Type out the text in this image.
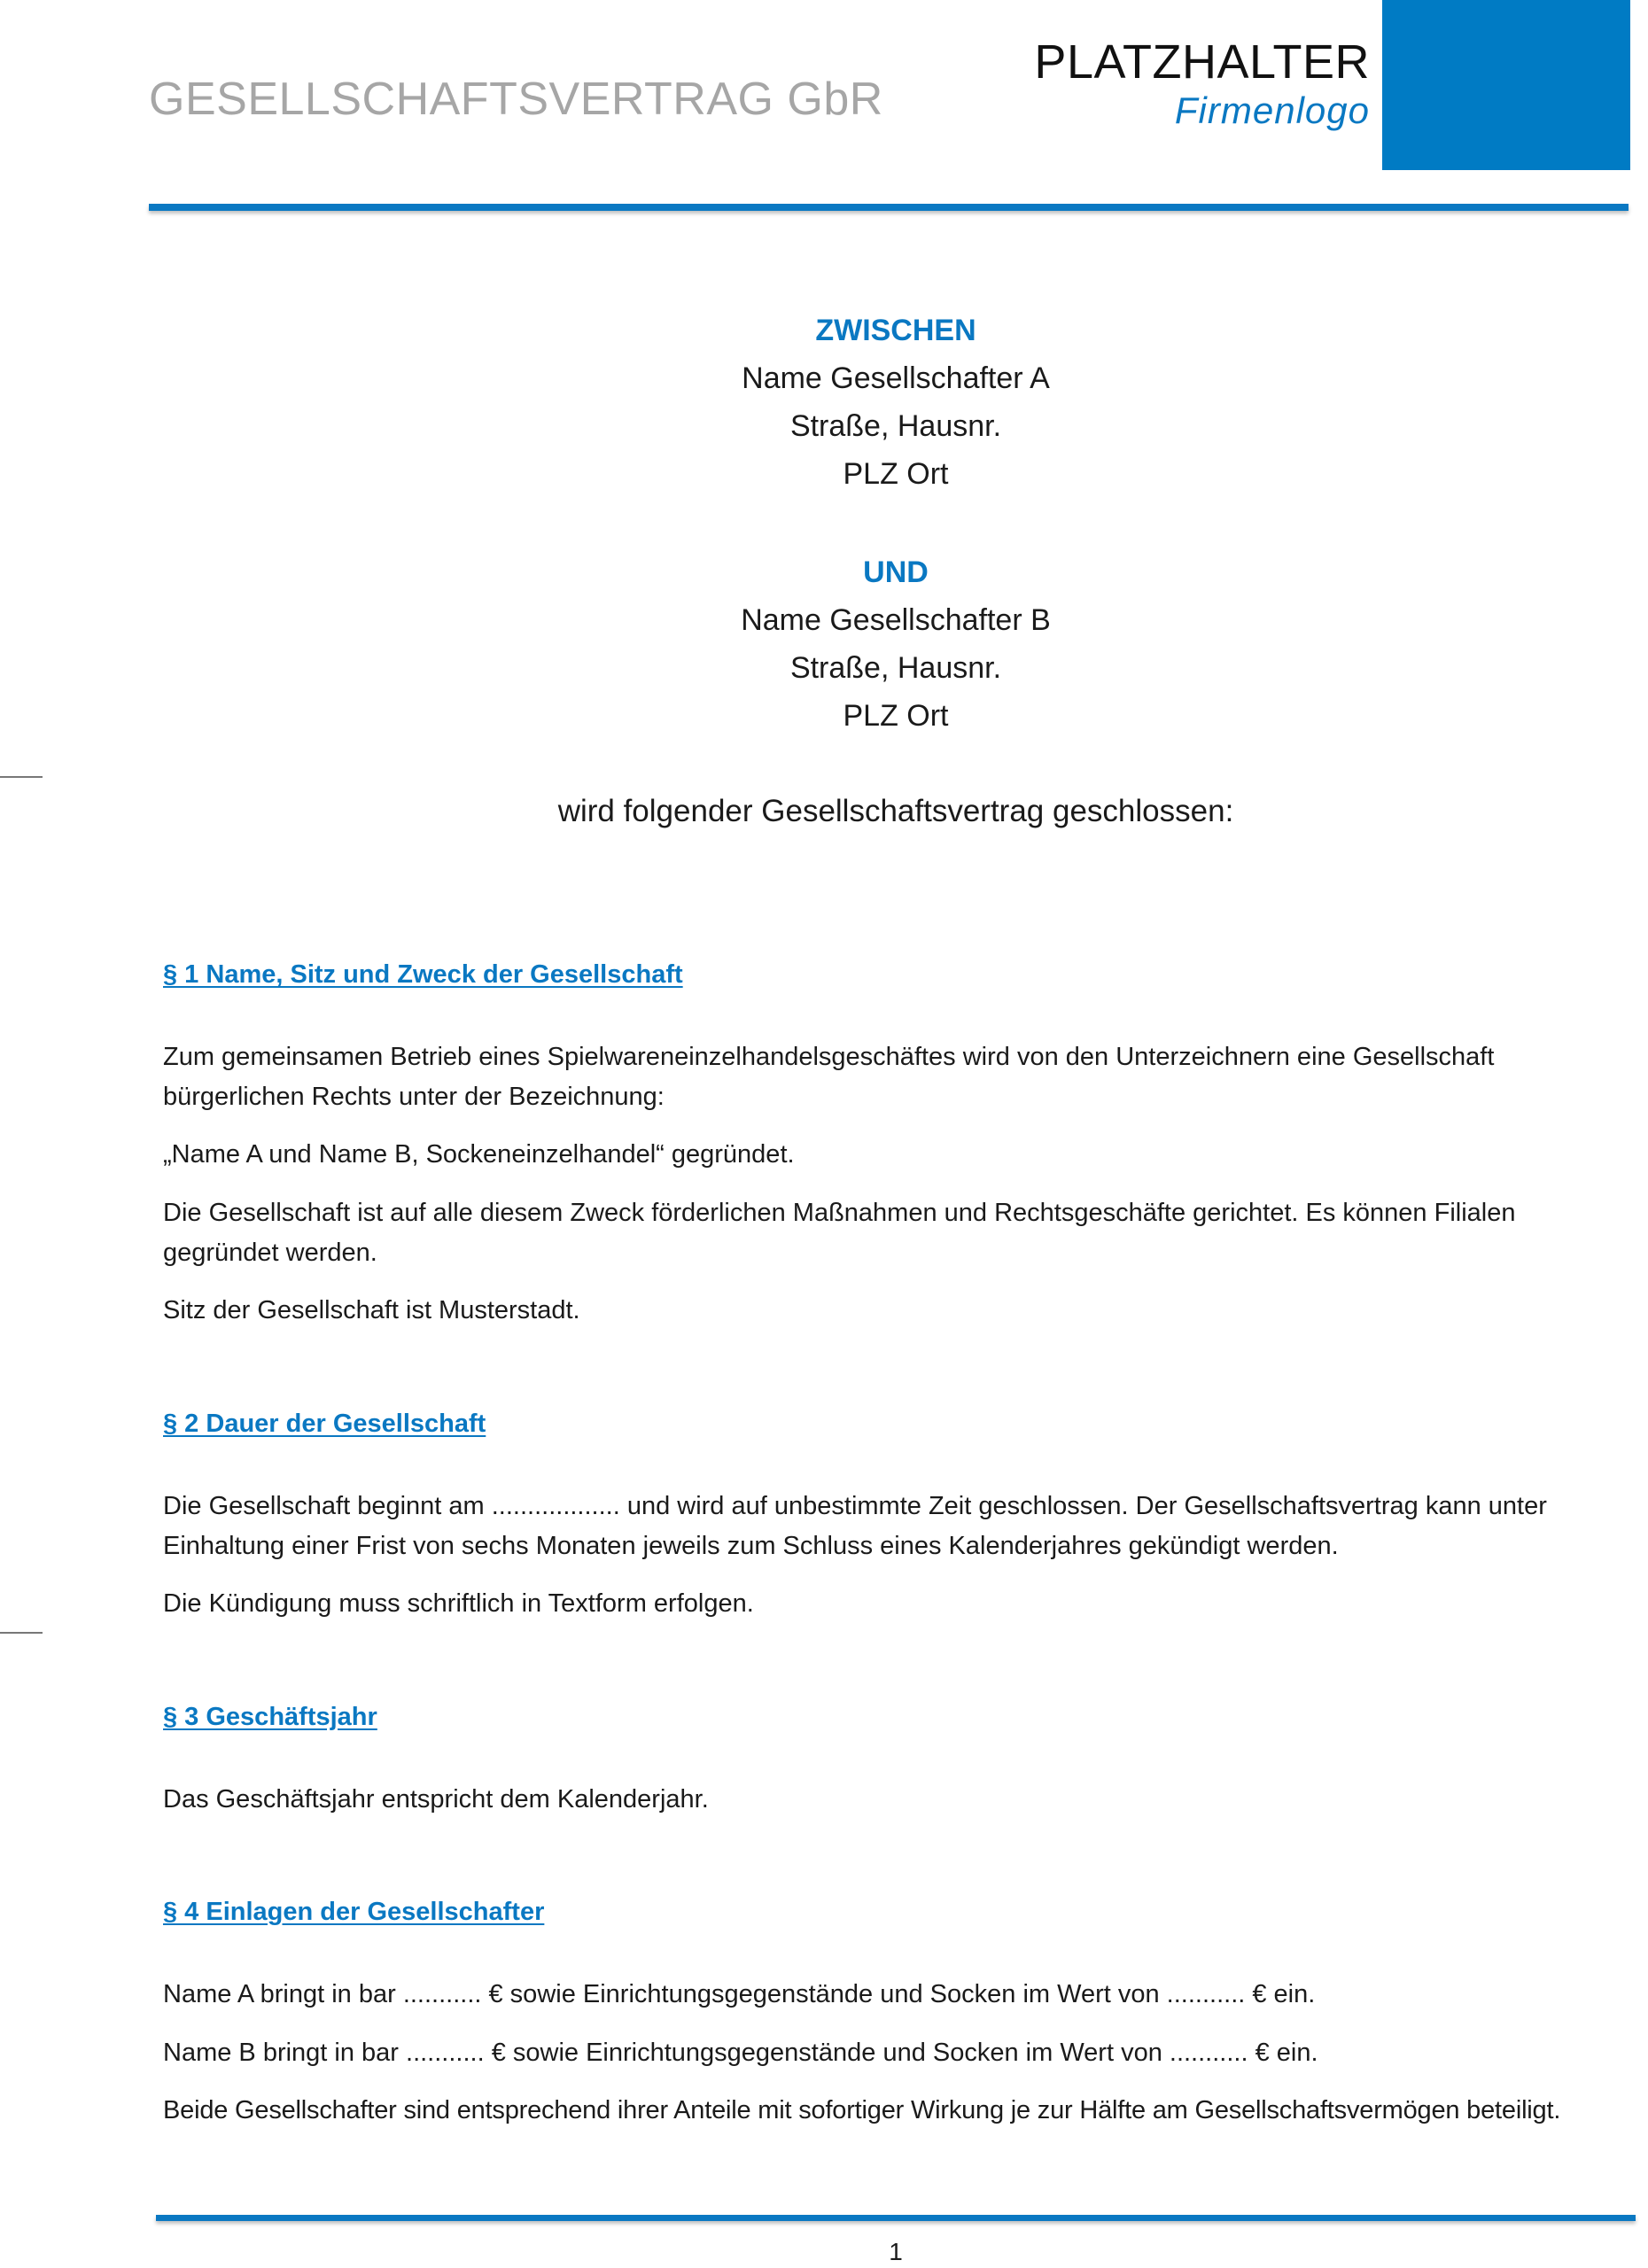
GESELLSCHAFTSVERTRAG GbR
PLATZHALTER
Firmenlogo
ZWISCHEN
Name Gesellschafter A
Straße, Hausnr.
PLZ Ort
UND
Name Gesellschafter B
Straße, Hausnr.
PLZ Ort
wird folgender Gesellschaftsvertrag geschlossen:
§ 1 Name, Sitz und Zweck der Gesellschaft
Zum gemeinsamen Betrieb eines Spielwareneinzelhandelsgeschäftes wird von den Unterzeichnern eine Gesellschaft bürgerlichen Rechts unter der Bezeichnung:
„Name A und Name B, Sockeneinzelhandel“ gegründet.
Die Gesellschaft ist auf alle diesem Zweck förderlichen Maßnahmen und Rechtsgeschäfte gerichtet. Es können Filialen gegründet werden.
Sitz der Gesellschaft ist Musterstadt.
§ 2 Dauer der Gesellschaft
Die Gesellschaft beginnt am .................. und wird auf unbestimmte Zeit geschlossen. Der Gesellschaftsvertrag kann unter Einhaltung einer Frist von sechs Monaten jeweils zum Schluss eines Kalenderjahres gekündigt werden.
Die Kündigung muss schriftlich in Textform erfolgen.
§ 3 Geschäftsjahr
Das Geschäftsjahr entspricht dem Kalenderjahr.
§ 4 Einlagen der Gesellschafter
Name A bringt in bar ........... € sowie Einrichtungsgegenstände und Socken im Wert von ........... € ein.
Name B bringt in bar ........... € sowie Einrichtungsgegenstände und Socken im Wert von ........... € ein.
Beide Gesellschafter sind entsprechend ihrer Anteile mit sofortiger Wirkung je zur Hälfte am Gesellschaftsvermögen beteiligt.
1
